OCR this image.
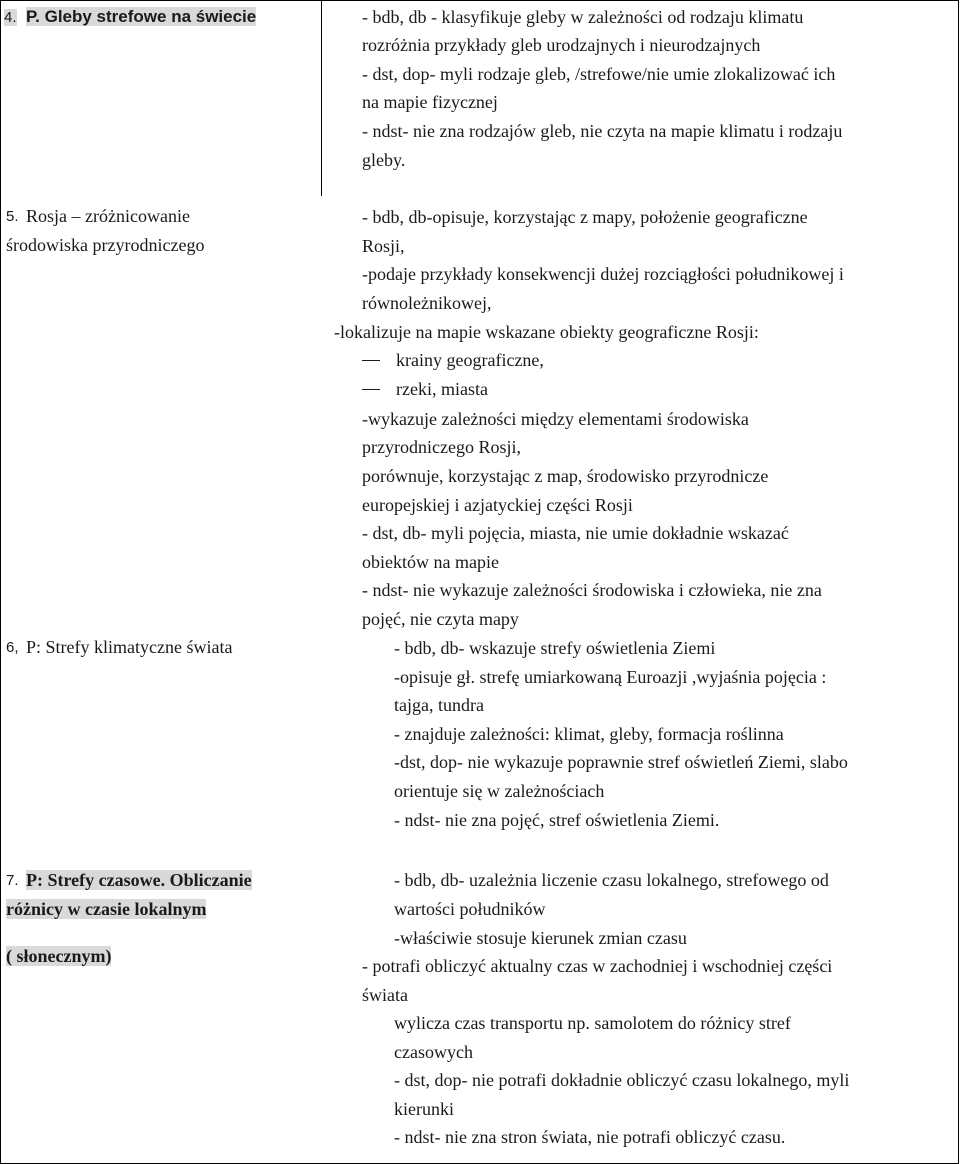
4. P. Gleby strefowe na świecie	- bdb, db - klasyfikuje gleby w zależności od rodzaju klimatu
rozróżnia przykłady gleb urodzajnych i nieurodzajnych
- dst, dop- myli rodzaje gleb, /strefowe/nie umie zlokalizować ich
na mapie fizycznej
- ndst- nie zna rodzajów gleb, nie czyta na mapie klimatu i rodzaju
gleby.
5. Rosja – zróżnicowanie
środowiska przyrodniczego
- bdb, db-opisuje, korzystając z mapy, położenie geograficzne
Rosji,
-podaje przykłady konsekwencji dużej rozciągłości południkowej i
równoleżnikowej,
-lokalizuje na mapie wskazane obiekty geograficzne Rosji:
krainy geograficzne,
rzeki, miasta
-wykazuje zależności między elementami środowiska
przyrodniczego Rosji,
porównuje, korzystając z map, środowisko przyrodnicze
europejskiej i azjatyckiej części Rosji
- dst, db- myli pojęcia, miasta, nie umie dokładnie wskazać
obiektów na mapie
- ndst- nie wykazuje zależności środowiska i człowieka, nie zna
pojęć, nie czyta mapy
6, P: Strefy klimatyczne świata	- bdb, db- wskazuje strefy oświetlenia Ziemi
-opisuje gł. strefę umiarkowaną Euroazji ,wyjaśnia pojęcia :
tajga, tundra
- znajduje zależności: klimat, gleby, formacja roślinna
-dst, dop- nie wykazuje poprawnie stref oświetleń Ziemi, slabo
orientuje się w zależnościach
- ndst- nie zna pojęć, stref oświetlenia Ziemi.
7. P: Strefy czasowe. Obliczanie
różnicy w czasie lokalnym
( słonecznym)
- bdb, db- uzależnia liczenie czasu lokalnego, strefowego od
wartości południków
-właściwie stosuje kierunek zmian czasu
- potrafi obliczyć aktualny czas w zachodniej i wschodniej części
świata
wylicza czas transportu np. samolotem do różnicy stref
czasowych
- dst, dop- nie potrafi dokładnie obliczyć czasu lokalnego, myli
kierunki
- ndst- nie zna stron świata, nie potrafi obliczyć czasu.
